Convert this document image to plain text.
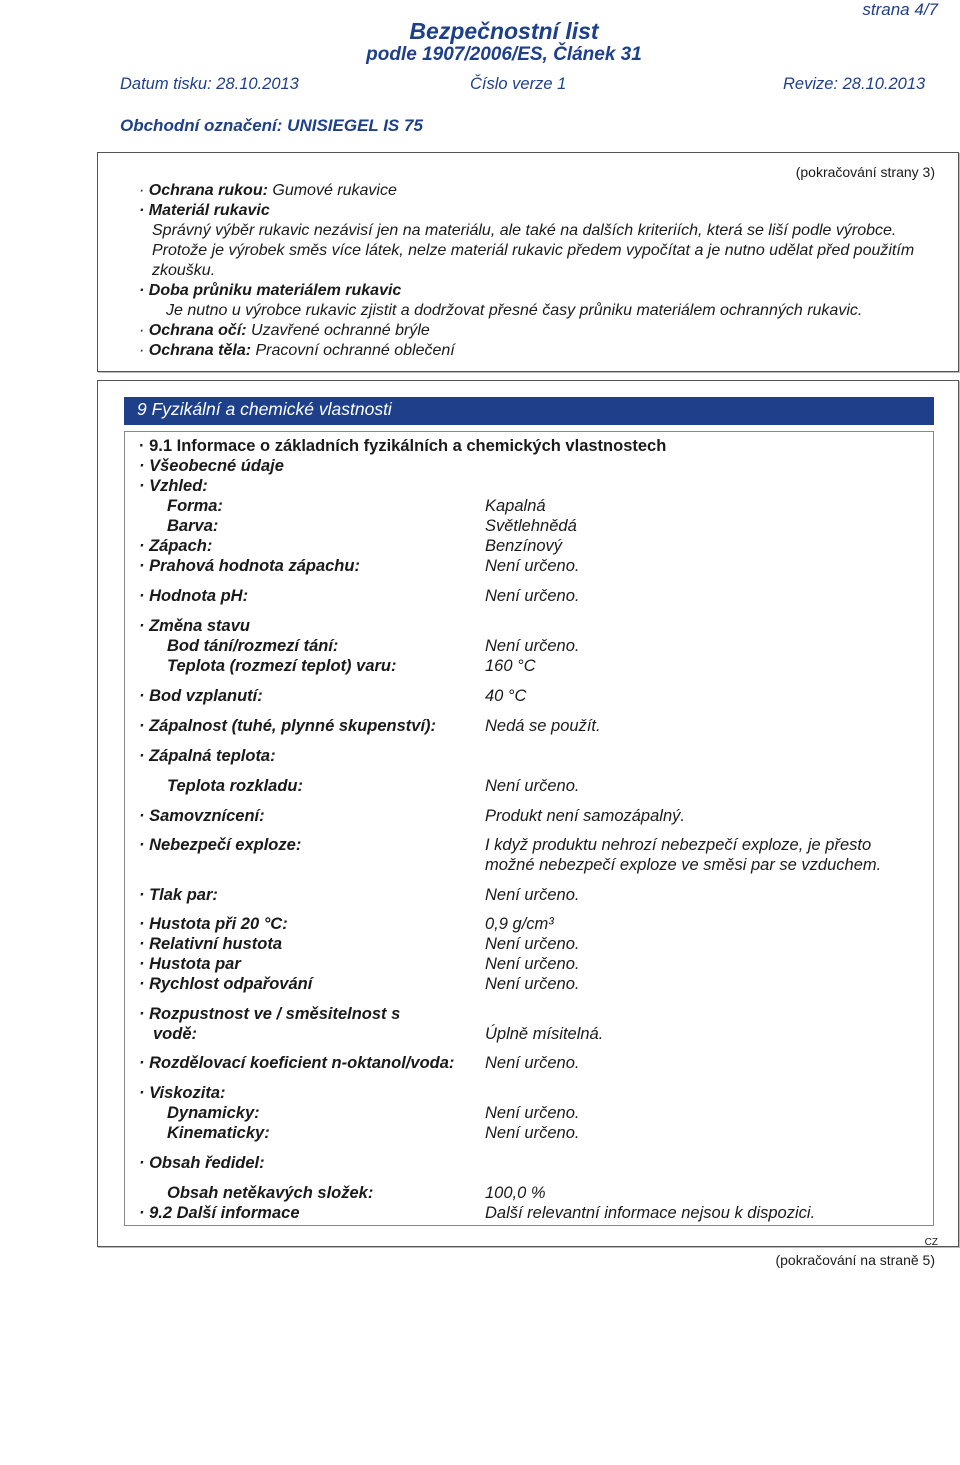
strana 4/7
Bezpečnostní list
podle 1907/2006/ES, Článek 31
Datum tisku: 28.10.2013	Číslo verze 1	Revize: 28.10.2013
Obchodní označení: UNISIEGEL IS 75
(pokračování strany 3)
· Ochrana rukou: Gumové rukavice
· Materiál rukavic
Správný výběr rukavic nezávisí jen na materiálu, ale také na dalších kriteriích, která se liší podle výrobce. Protože je výrobek směs více látek, nelze materiál rukavic předem vypočítat a je nutno udělat před použitím zkoušku.
· Doba průniku materiálem rukavic
Je nutno u výrobce rukavic zjistit a dodržovat přesné časy průniku materiálem ochranných rukavic.
· Ochrana očí: Uzavřené ochranné brýle
· Ochrana těla: Pracovní ochranné oblečení
9 Fyzikální a chemické vlastnosti
· 9.1 Informace o základních fyzikálních a chemických vlastnostech
· Všeobecné údaje
· Vzhled:
Forma:	Kapalná
Barva:	Světlehnědá
· Zápach:	Benzínový
· Prahová hodnota zápachu:	Není určeno.
· Hodnota pH:	Není určeno.
· Změna stavu
Bod tání/rozmezí tání:	Není určeno.
Teplota (rozmezí teplot) varu:	160 °C
· Bod vzplanutí:	40 °C
· Zápalnost (tuhé, plynné skupenství):	Nedá se použít.
· Zápalná teplota:
Teplota rozkladu:	Není určeno.
· Samovznícení:	Produkt není samozápalný.
· Nebezpečí exploze:	I když produktu nehrozí nebezpečí exploze, je přesto
možné nebezpečí exploze ve směsi par se vzduchem.
· Tlak par:	Není určeno.
· Hustota při 20 °C:	0,9 g/cm³
· Relativní hustota	Není určeno.
· Hustota par	Není určeno.
· Rychlost odpařování	Není určeno.
· Rozpustnost ve / směsitelnost s
vodě:	Úplně mísitelná.
· Rozdělovací koeficient n-oktanol/voda: Není určeno.
· Viskozita:
Dynamicky:	Není určeno.
Kinematicky:	Není určeno.
· Obsah ředidel:
Obsah netěkavých složek:	100,0 %
· 9.2 Další informace	Další relevantní informace nejsou k dispozici.
CZ
(pokračování na straně 5)
